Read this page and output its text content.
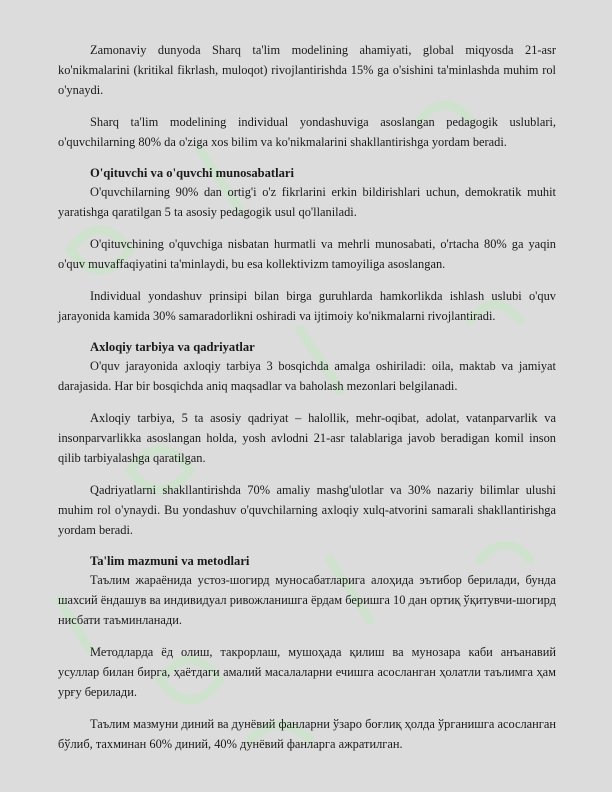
Zamonaviy dunyoda Sharq ta'lim modelining ahamiyati, global miqyosda 21-asr ko'nikmalarini (kritikal fikrlash, muloqot) rivojlantirishda 15% ga o'sishini ta'minlashda muhim rol o'ynaydi.

Sharq ta'lim modelining individual yondashuviga asoslangan pedagogik uslublari, o'quvchilarning 80% da o'ziga xos bilim va ko'nikmalarini shakllantirishga yordam beradi.

O'qituvchi va o'quvchi munosabatlari

O'quvchilarning 90% dan ortig'i o'z fikrlarini erkin bildirishlari uchun, demokratik muhit yaratishga qaratilgan 5 ta asosiy pedagogik usul qo'llaniladi.

O'qituvchining o'quvchiga nisbatan hurmatli va mehrli munosabati, o'rtacha 80% ga yaqin o'quv muvaffaqiyatini ta'minlaydi, bu esa kollektivizm tamoyiliga asoslangan.

Individual yondashuv prinsipi bilan birga guruhlarda hamkorlikda ishlash uslubi o'quv jarayonida kamida 30% samaradorlikni oshiradi va ijtimoiy ko'nikmalarni rivojlantiradi.

Axloqiy tarbiya va qadriyatlar

O'quv jarayonida axloqiy tarbiya 3 bosqichda amalga oshiriladi: oila, maktab va jamiyat darajasida. Har bir bosqichda aniq maqsadlar va baholash mezonlari belgilanadi.

Axloqiy tarbiya, 5 ta asosiy qadriyat – halollik, mehr-oqibat, adolat, vatanparvarlik va insonparvarlikka asoslangan holda, yosh avlodni 21-asr talablariga javob beradigan komil inson qilib tarbiyalashga qaratilgan.

Qadriyatlarni shakllantirishda 70% amaliy mashg'ulotlar va 30% nazariy bilimlar ulushi muhim rol o'ynaydi. Bu yondashuv o'quvchilarning axloqiy xulq-atvorini samarali shakllantirishga yordam beradi.

Ta'lim mazmuni va metodlari

Таълим жараёнида устоз-шогирд муносабатларига алоҳида эътибор берилади, бунда шахсий ёндашув ва индивидуал ривожланишга ёрдам беришга 10 дан ортиқ ўқитувчи-шогирд нисбати таъминланади.

Методларда ёд олиш, такрорлаш, мушоҳада қилиш ва мунозара каби анъанавий усуллар билан бирга, ҳаётдаги амалий масалаларни ечишга асосланган ҳолатли таълимга ҳам урғу берилади.

Таълим мазмуни диний ва дунёвий фанларни ўзаро боғлиқ ҳолда ўрганишга асосланган бўлиб, тахминан 60% диний, 40% дунёвий фанларга ажратилган.
